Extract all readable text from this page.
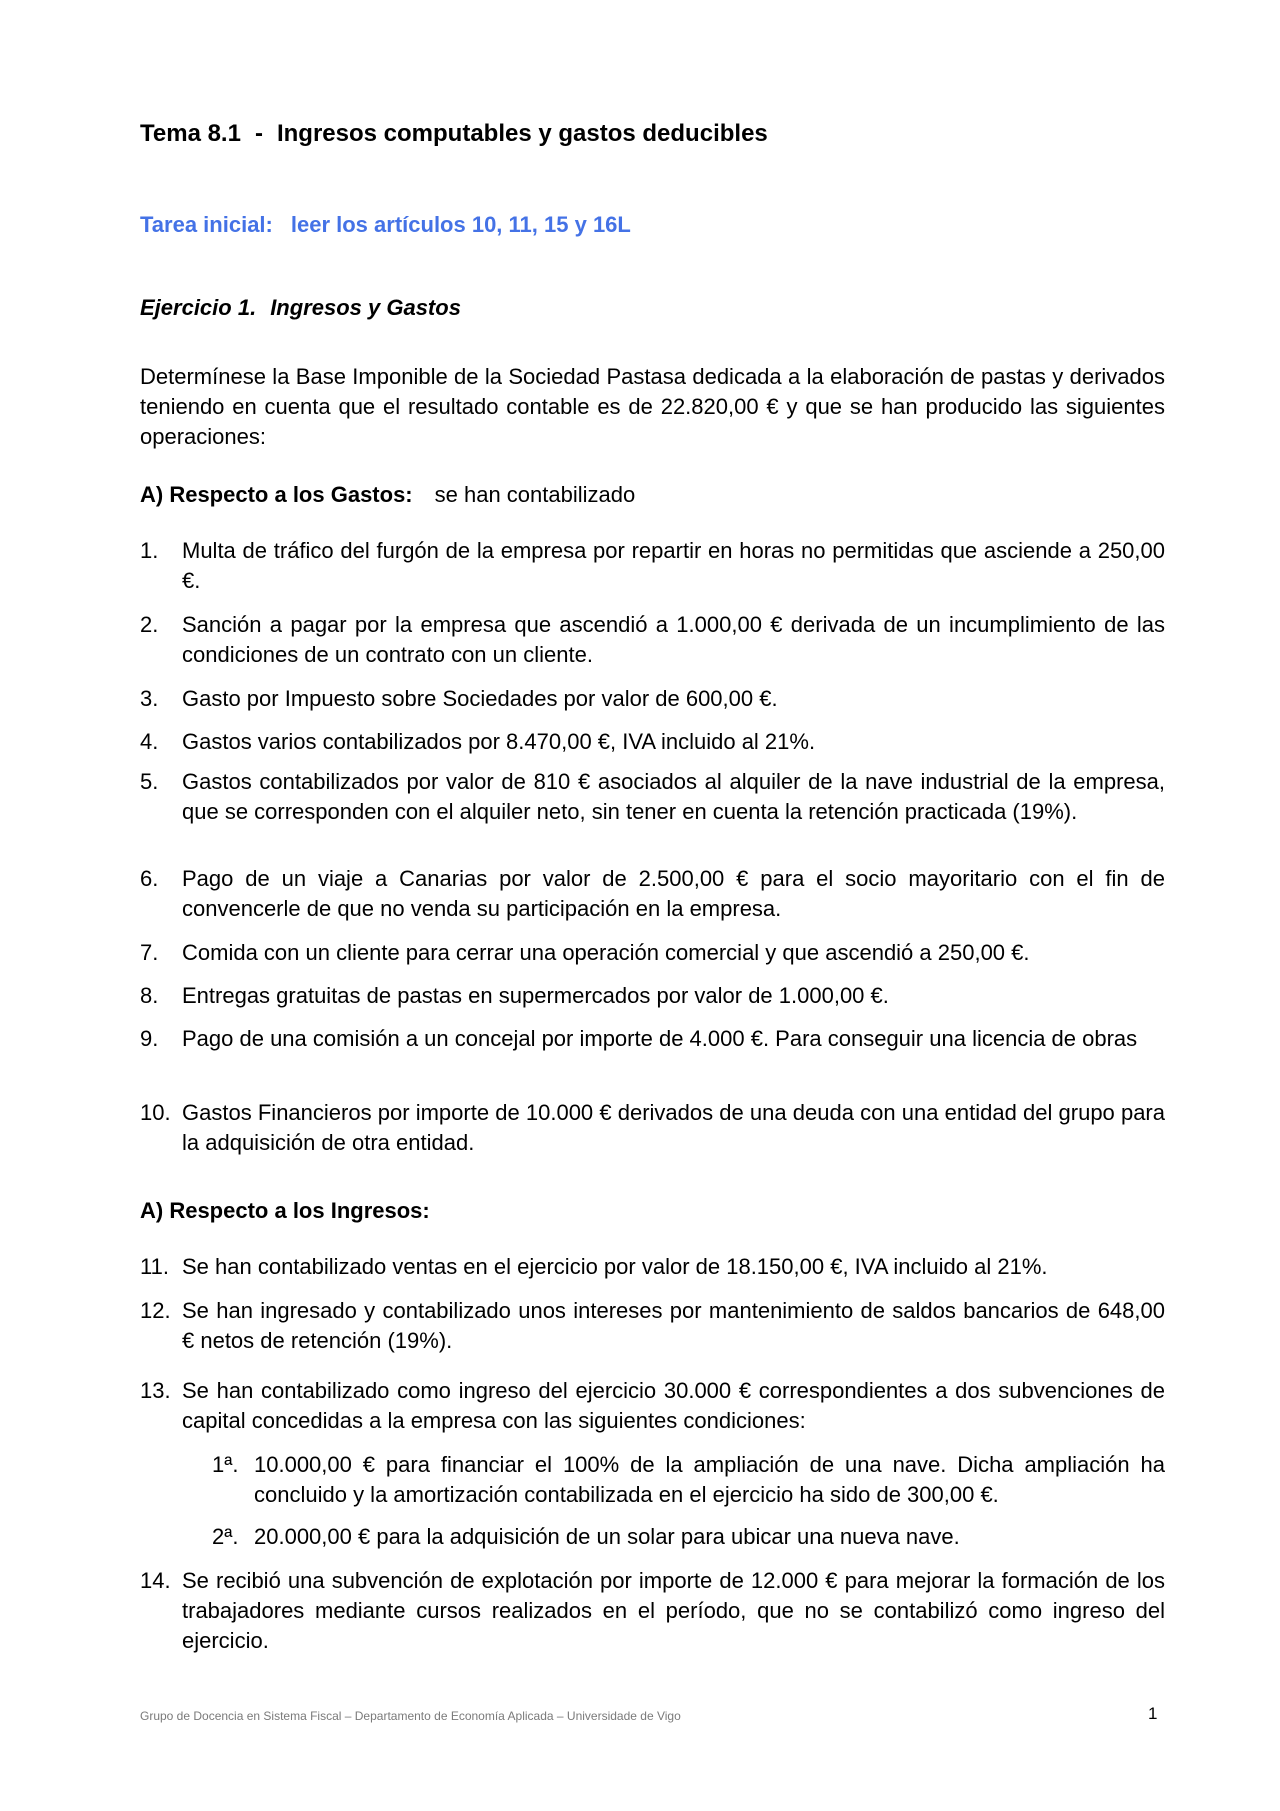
Tema 8.1 - Ingresos computables y gastos deducibles
Tarea inicial: leer los artículos 10, 11, 15 y 16L
Ejercicio 1. Ingresos y Gastos
Determínese la Base Imponible de la Sociedad Pastasa dedicada a la elaboración de pastas y derivados teniendo en cuenta que el resultado contable es de 22.820,00 € y que se han producido las siguientes operaciones:
A) Respecto a los Gastos: se han contabilizado
1. Multa de tráfico del furgón de la empresa por repartir en horas no permitidas que asciende a 250,00 €.
2. Sanción a pagar por la empresa que ascendió a 1.000,00 € derivada de un incumplimiento de las condiciones de un contrato con un cliente.
3. Gasto por Impuesto sobre Sociedades por valor de 600,00 €.
4. Gastos varios contabilizados por 8.470,00 €, IVA incluido al 21%.
5. Gastos contabilizados por valor de 810 € asociados al alquiler de la nave industrial de la empresa, que se corresponden con el alquiler neto, sin tener en cuenta la retención practicada (19%).
6. Pago de un viaje a Canarias por valor de 2.500,00 € para el socio mayoritario con el fin de convencerle de que no venda su participación en la empresa.
7. Comida con un cliente para cerrar una operación comercial y que ascendió a 250,00 €.
8. Entregas gratuitas de pastas en supermercados por valor de 1.000,00 €.
9. Pago de una comisión a un concejal por importe de 4.000 €. Para conseguir una licencia de obras
10. Gastos Financieros por importe de 10.000 € derivados de una deuda con una entidad del grupo para la adquisición de otra entidad.
A) Respecto a los Ingresos:
11. Se han contabilizado ventas en el ejercicio por valor de 18.150,00 €, IVA incluido al 21%.
12. Se han ingresado y contabilizado unos intereses por mantenimiento de saldos bancarios de 648,00 € netos de retención (19%).
13. Se han contabilizado como ingreso del ejercicio 30.000 € correspondientes a dos subvenciones de capital concedidas a la empresa con las siguientes condiciones:
1ª. 10.000,00 € para financiar el 100% de la ampliación de una nave. Dicha ampliación ha concluido y la amortización contabilizada en el ejercicio ha sido de 300,00 €.
2ª. 20.000,00 € para la adquisición de un solar para ubicar una nueva nave.
14. Se recibió una subvención de explotación por importe de 12.000 € para mejorar la formación de los trabajadores mediante cursos realizados en el período, que no se contabilizó como ingreso del ejercicio.
Grupo de Docencia en Sistema Fiscal – Departamento de Economía Aplicada – Universidade de Vigo	1
